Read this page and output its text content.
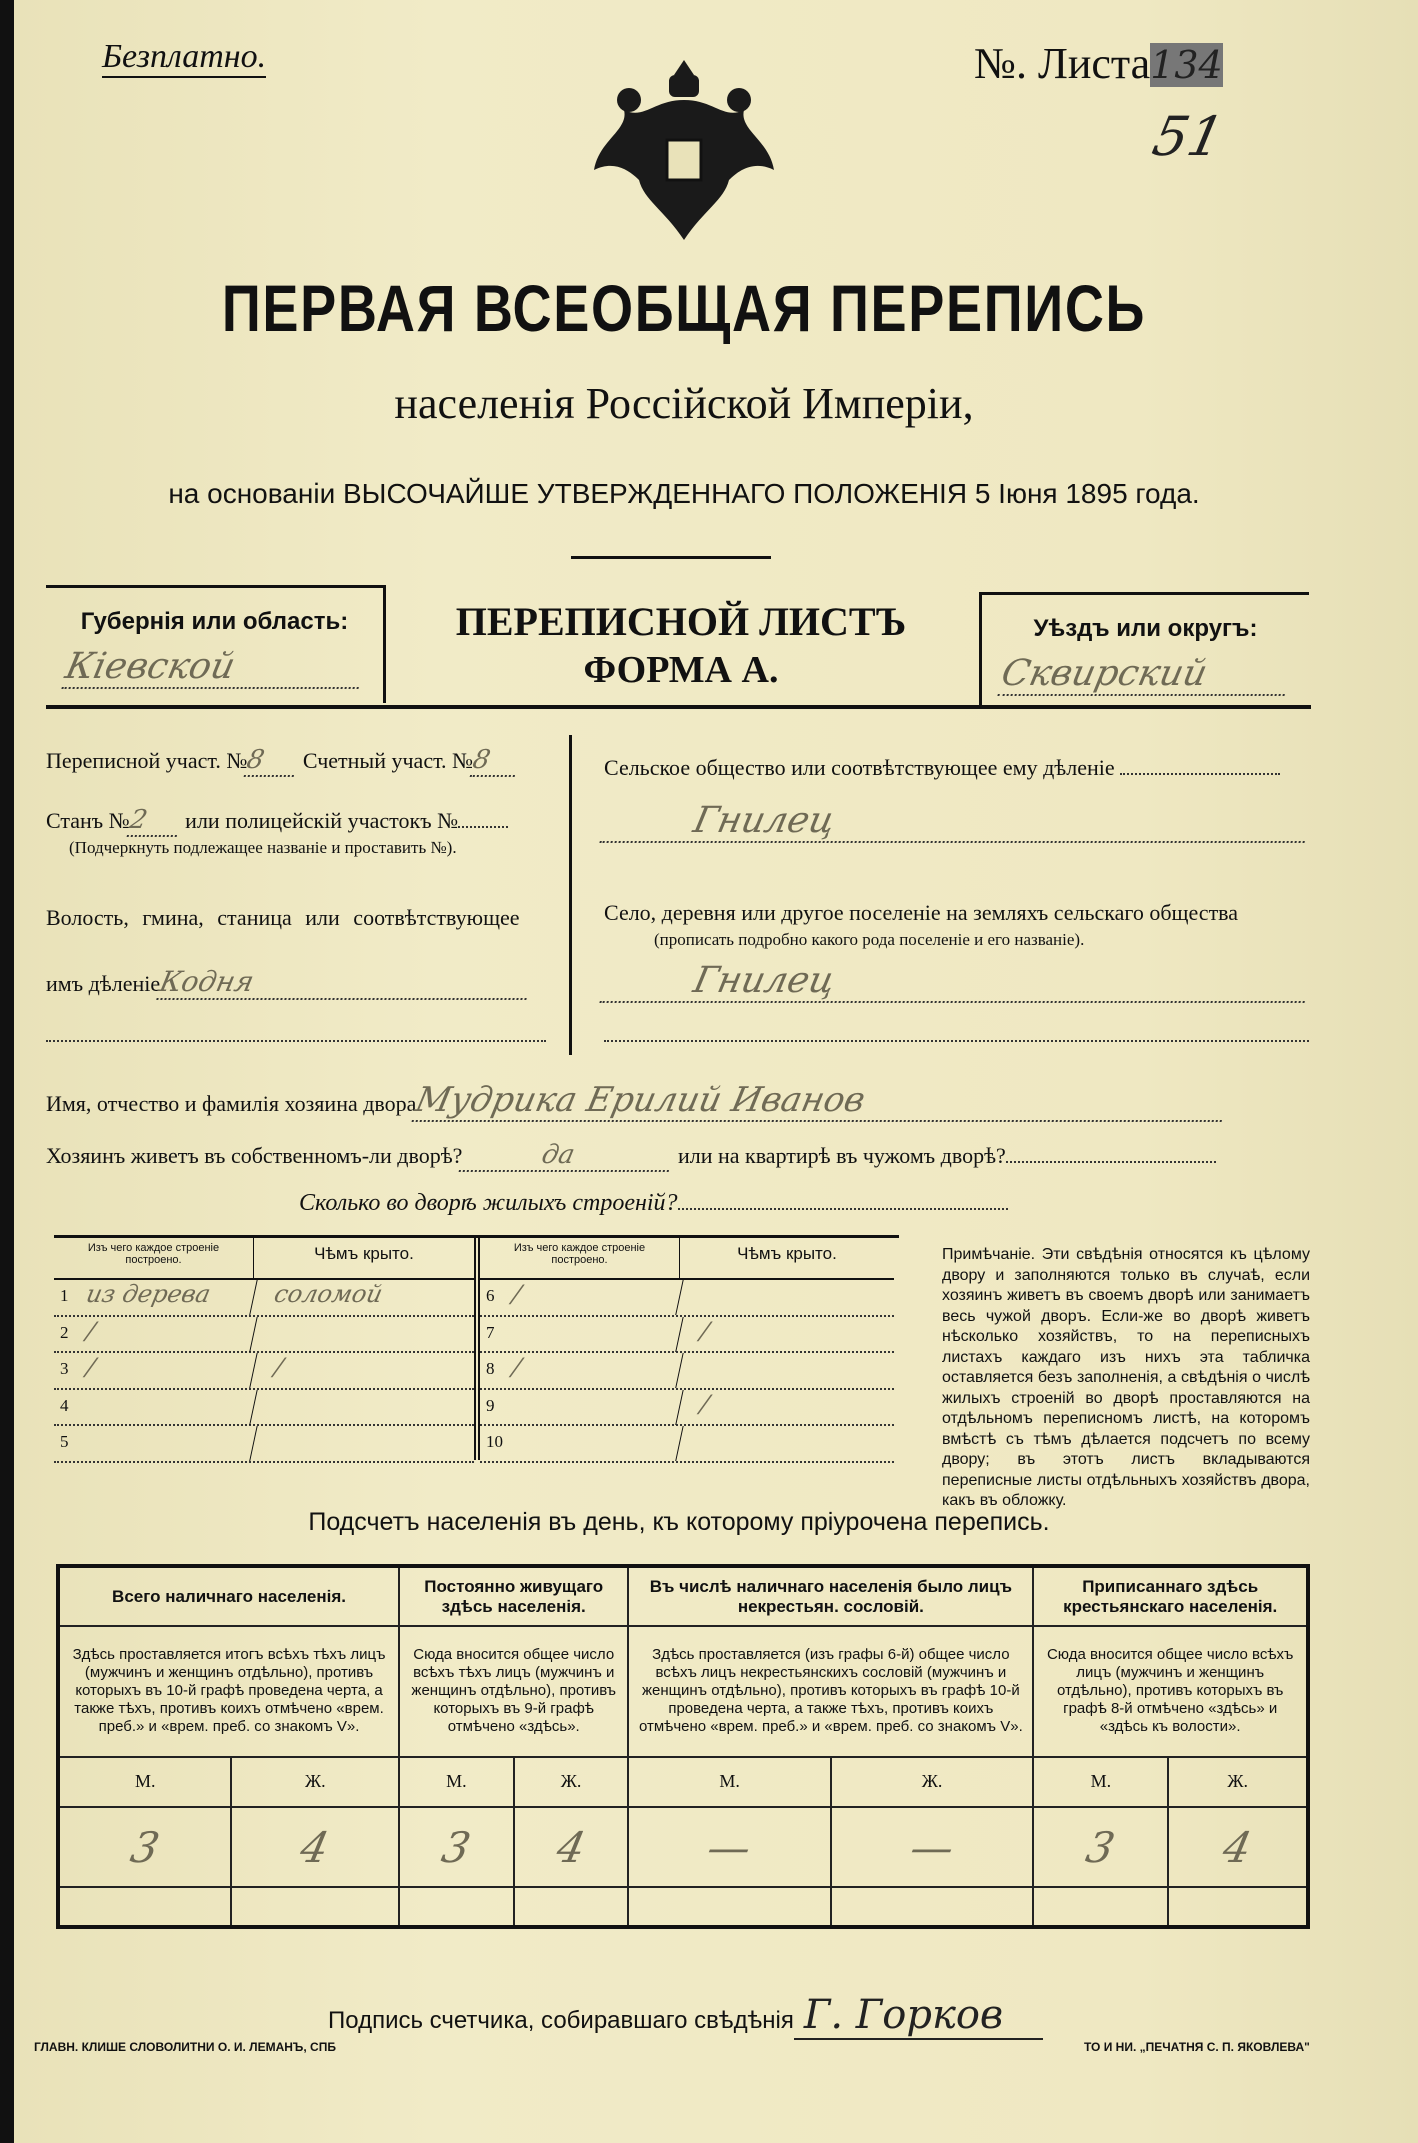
Безплатно.	№. Листа134
51
ПЕРВАЯ ВСЕОБЩАЯ ПЕРЕПИСЬ
населенія Россійской Имперіи,
на основаніи ВЫСОЧАЙШЕ УТВЕРЖДЕННАГО ПОЛОЖЕНІЯ 5 Іюня 1895 года.
Губернія или область:
Кіевской
ПЕРЕПИСНОЙ ЛИСТЪ
ФОРМА А.
Уѣздъ или округъ:
Сквирский
Переписной участ. №8 Счетный участ. №8
Станъ №2 или полицейскій участокъ №
(Подчеркнуть подлежащее названіе и проставить №).
Волость, гмина, станица или соотвѣтствующее
имъ дѣленіеКодня
Сельское общество или соотвѣтствующее ему дѣленіе
Гнилец
Село, деревня или другое поселеніе на земляхъ сельскаго общества
(прописать подробно какого рода поселеніе и его названіе).
Гнилец
Имя, отчество и фамилія хозяина двораМудрика Ерилий Иванов
Хозяинъ живетъ въ собственномъ-ли дворѣ?	да	или на квартирѣ въ чужомъ дворѣ?
Сколько во дворѣ жилыхъ строеній?
Изъ чего каждое строеніе построено.	Чѣмъ крыто.
1 из дерева	соломой
2 /
3 /	/
4
5
Изъ чего каждое строеніе построено.	Чѣмъ крыто.
6 /
7	/
8 /
9	/
10
Примѣчаніе. Эти свѣдѣнія относятся къ цѣлому двору и заполняются только въ случаѣ, если хозяинъ живетъ въ своемъ дворѣ или занимаетъ весь чужой дворъ. Если-же во дворѣ живетъ нѣсколько хозяйствъ, то на переписныхъ листахъ каждаго изъ нихъ эта табличка оставляется безъ заполненія, а свѣдѣнія о числѣ жилыхъ строеній во дворѣ проставляются на отдѣльномъ переписномъ листѣ, на которомъ вмѣстѣ съ тѣмъ дѣлается подсчетъ по всему двору; въ этотъ листъ вкладываются переписные листы отдѣльныхъ хозяйствъ двора, какъ въ обложку.
Подсчетъ населенія въ день, къ которому пріурочена перепись.
Всего наличнаго населенія.		Постоянно живущаго здѣсь населенія.		Въ числѣ наличнаго населенія было лицъ некрестьян. сословій.		Приписаннаго здѣсь крестьянскаго населенія.	
Здѣсь проставляется итогъ всѣхъ тѣхъ лицъ (мужчинъ и женщинъ отдѣльно), противъ которыхъ въ 10-й графѣ проведена черта, а также тѣхъ, противъ коихъ отмѣчено «врем. преб.» и «врем. преб. со знакомъ V».		Сюда вносится общее число всѣхъ тѣхъ лицъ (мужчинъ и женщинъ отдѣльно), противъ которыхъ въ 9-й графѣ отмѣчено «здѣсь».		Здѣсь проставляется (изъ графы 6-й) общее число всѣхъ лицъ некрестьянскихъ сословій (мужчинъ и женщинъ отдѣльно), противъ которыхъ въ графѣ 10-й проведена черта, а также тѣхъ, противъ коихъ отмѣчено «врем. преб.» и «врем. преб. со знакомъ V».		Сюда вносится общее число всѣхъ лицъ (мужчинъ и женщинъ отдѣльно), противъ которыхъ въ графѣ 8-й отмѣчено «здѣсь» и «здѣсь къ волости».	
М.	Ж.	М.	Ж.	М.	Ж.	М.	Ж.
3	4	3	4	—	—	3	4

Подпись счетчика, собиравшаго свѣдѣнія Г. Горков
ГЛАВН. КЛИШЕ СЛОВОЛИТНИ О. И. ЛЕМАНЪ, СПБ	ТО И НИ. „ПЕЧАТНЯ С. П. ЯКОВЛЕВА"
